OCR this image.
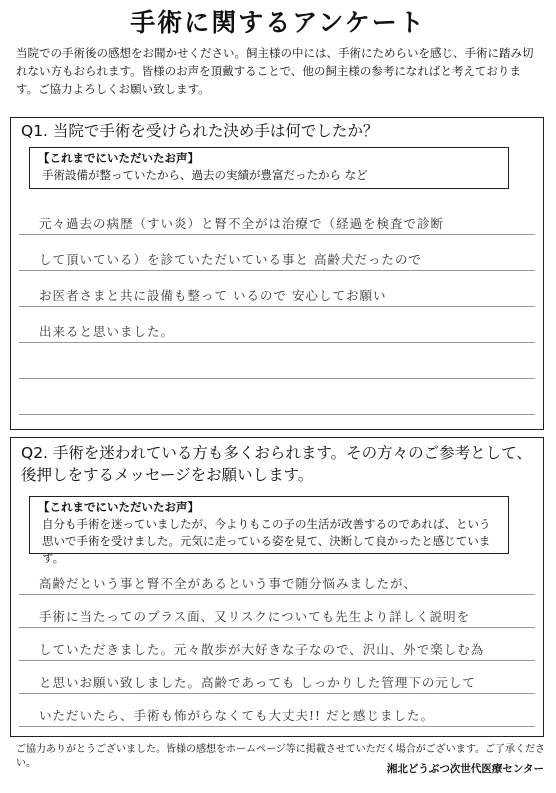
手術に関するアンケート
当院での手術後の感想をお聞かせください。飼主様の中には、手術にためらいを感じ、手術に踏み切れない方もおられます。皆様のお声を頂戴することで、他の飼主様の参考になればと考えております。ご協力よろしくお願い致します。
Q1. 当院で手術を受けられた決め手は何でしたか？
【これまでにいただいたお声】
手術設備が整っていたから、過去の実績が豊富だったから など
元々過去の病歴（すい炎）と腎不全がは治療で（経過を検査で診断
して頂いている）を診ていただいている事と 高齢犬だったので
お医者さまと共に設備も整って いるので 安心してお願い
出来ると思いました。
Q2. 手術を迷われている方も多くおられます。その方々のご参考として、後押しをするメッセージをお願いします。
【これまでにいただいたお声】
自分も手術を迷っていましたが、今よりもこの子の生活が改善するのであれば、という思いで手術を受けました。元気に走っている姿を見て、決断して良かったと感じています。
高齢だという事と腎不全があるという事で随分悩みましたが、
手術に当たってのプラス面、又リスクについても先生より詳しく説明を
していただきました。元々散歩が大好きな子なので、沢山、外で楽しむ為
と思いお願い致しました。高齢であっても しっかりした管理下の元して
いただいたら、手術も怖がらなくても大丈夫!! だと感じました。
ご協力ありがとうございました。皆様の感想をホームページ等に掲載させていただく場合がございます。ご了承ください。	湘北どうぶつ次世代医療センター
